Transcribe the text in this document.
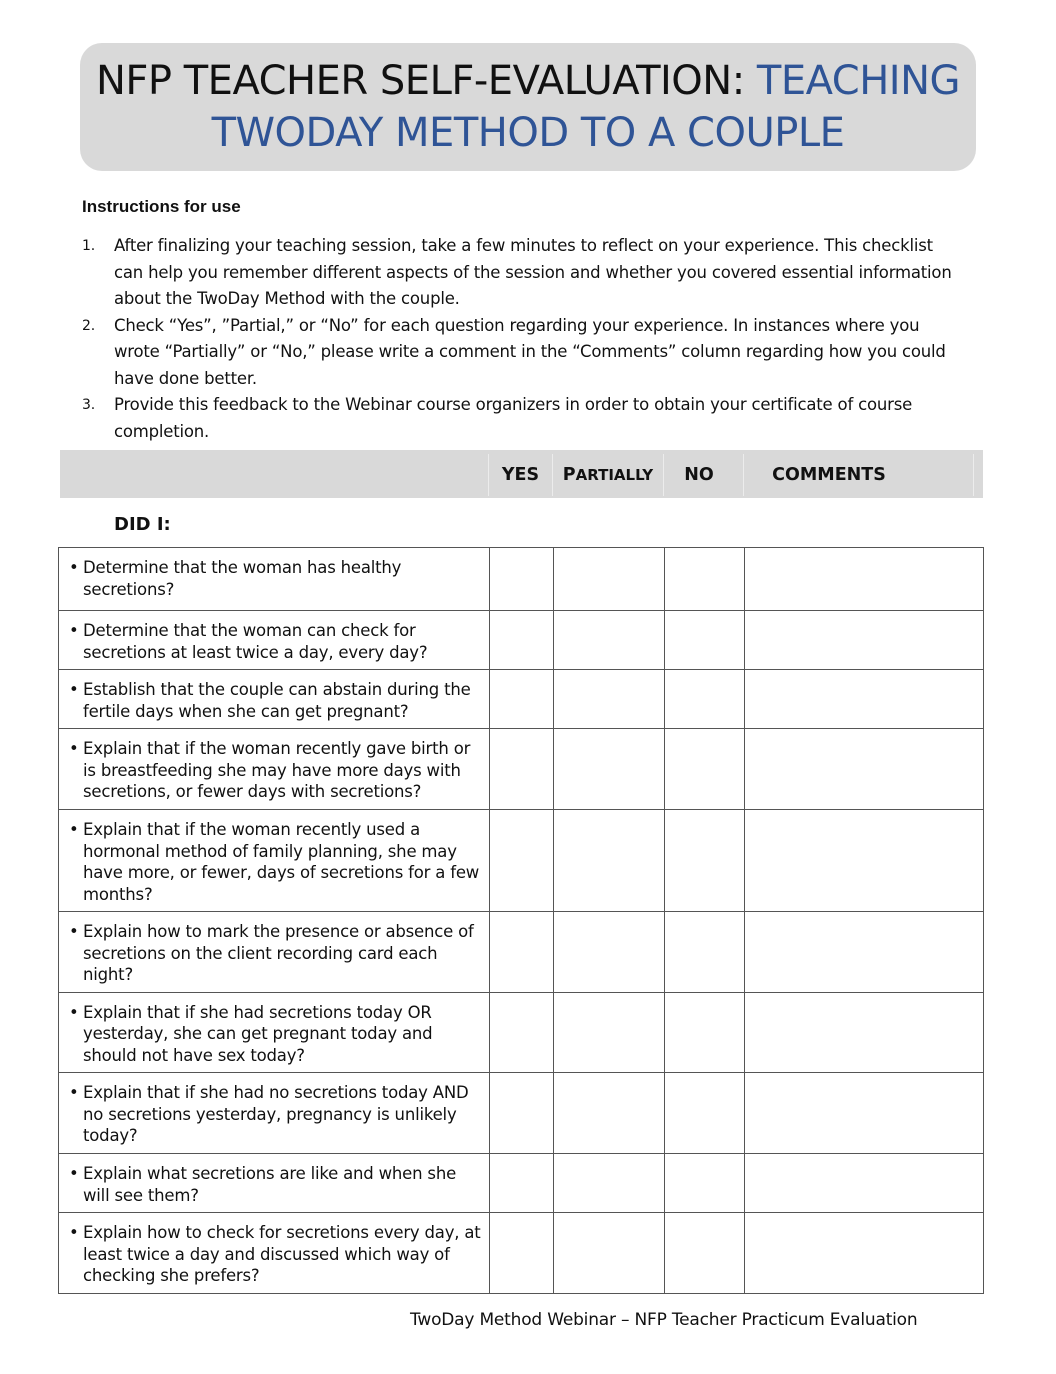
NFP TEACHER SELF-EVALUATION: TEACHING TWODAY METHOD TO A COUPLE
Instructions for use
1.	After finalizing your teaching session, take a few minutes to reflect on your experience. This checklist can help you remember different aspects of the session and whether you covered essential information about the TwoDay Method with the couple.
2.	Check “Yes”, ”Partial,” or “No” for each question regarding your experience. In instances where you wrote “Partially” or “No,” please write a comment in the “Comments” column regarding how you could have done better.
3.	Provide this feedback to the Webinar course organizers in order to obtain your certificate of course completion.
YES	PARTIALLY	NO	COMMENTS
DID I:
• Determine that the woman has healthy secretions?				

• Determine that the woman can check for secretions at least twice a day, every day?				

• Establish that the couple can abstain during the fertile days when she can get pregnant?				

• Explain that if the woman recently gave birth or is breastfeeding she may have more days with secretions, or fewer days with secretions?				

• Explain that if the woman recently used a hormonal method of family planning, she may have more, or fewer, days of secretions for a few months?				

• Explain how to mark the presence or absence of secretions on the client recording card each night?				

• Explain that if she had secretions today OR yesterday, she can get pregnant today and should not have sex today?				

• Explain that if she had no secretions today AND no secretions yesterday, pregnancy is unlikely today?				

• Explain what secretions are like and when she will see them?				

• Explain how to check for secretions every day, at least twice a day and discussed which way of checking she prefers?				

TwoDay Method Webinar – NFP Teacher Practicum Evaluation
